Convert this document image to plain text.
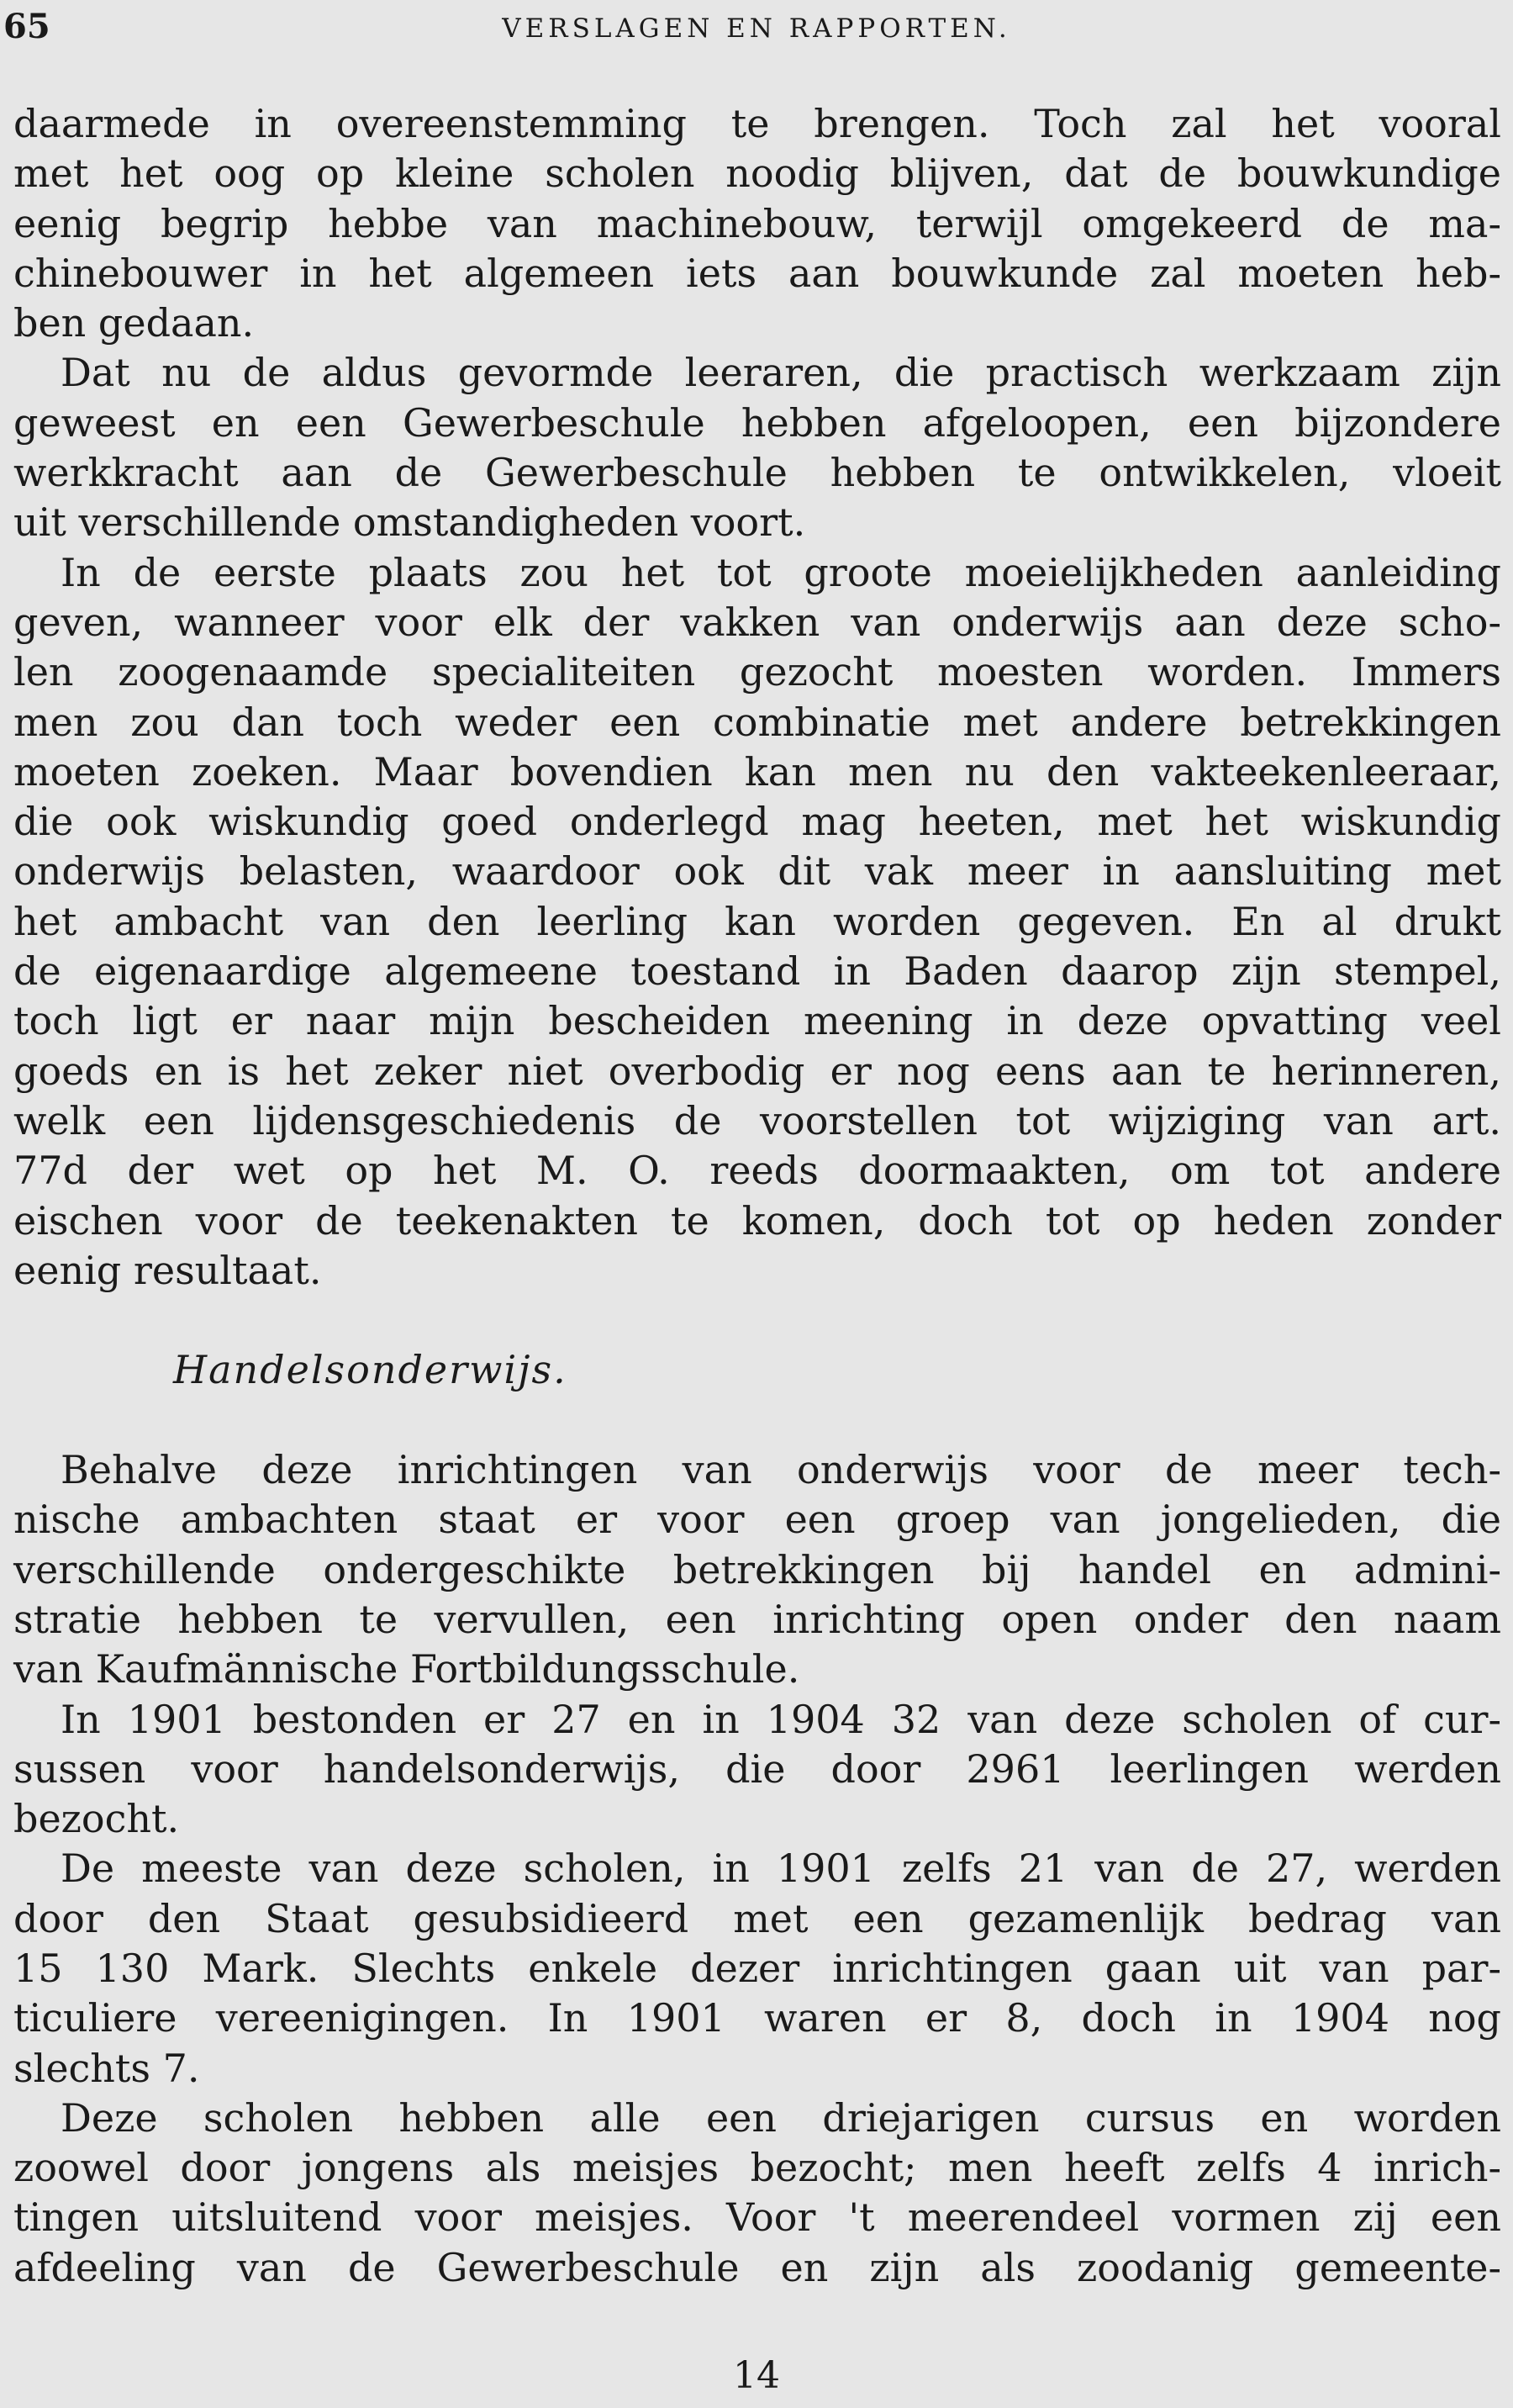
65	VERSLAGEN EN RAPPORTEN.
daarmede in overeenstemming te brengen. Toch zal het vooral
met het oog op kleine scholen noodig blijven, dat de bouwkundige
eenig begrip hebbe van machinebouw, terwijl omgekeerd de ma-
chinebouwer in het algemeen iets aan bouwkunde zal moeten heb-
ben gedaan.
Dat nu de aldus gevormde leeraren, die practisch werkzaam zijn
geweest en een Gewerbeschule hebben afgeloopen, een bijzondere
werkkracht aan de Gewerbeschule hebben te ontwikkelen, vloeit
uit verschillende omstandigheden voort.
In de eerste plaats zou het tot groote moeielijkheden aanleiding
geven, wanneer voor elk der vakken van onderwijs aan deze scho-
len zoogenaamde specialiteiten gezocht moesten worden. Immers
men zou dan toch weder een combinatie met andere betrekkingen
moeten zoeken. Maar bovendien kan men nu den vakteekenleeraar,
die ook wiskundig goed onderlegd mag heeten, met het wiskundig
onderwijs belasten, waardoor ook dit vak meer in aansluiting met
het ambacht van den leerling kan worden gegeven. En al drukt
de eigenaardige algemeene toestand in Baden daarop zijn stempel,
toch ligt er naar mijn bescheiden meening in deze opvatting veel
goeds en is het zeker niet overbodig er nog eens aan te herinneren,
welk een lijdensgeschiedenis de voorstellen tot wijziging van art.
77d der wet op het M. O. reeds doormaakten, om tot andere
eischen voor de teekenakten te komen, doch tot op heden zonder
eenig resultaat.
Handelsonderwijs.
Behalve deze inrichtingen van onderwijs voor de meer tech-
nische ambachten staat er voor een groep van jongelieden, die
verschillende ondergeschikte betrekkingen bij handel en admini-
stratie hebben te vervullen, een inrichting open onder den naam
van Kaufmännische Fortbildungsschule.
In 1901 bestonden er 27 en in 1904 32 van deze scholen of cur-
sussen voor handelsonderwijs, die door 2961 leerlingen werden
bezocht.
De meeste van deze scholen, in 1901 zelfs 21 van de 27, werden
door den Staat gesubsidieerd met een gezamenlijk bedrag van
15 130 Mark. Slechts enkele dezer inrichtingen gaan uit van par-
ticuliere vereenigingen. In 1901 waren er 8, doch in 1904 nog
slechts 7.
Deze scholen hebben alle een driejarigen cursus en worden
zoowel door jongens als meisjes bezocht; men heeft zelfs 4 inrich-
tingen uitsluitend voor meisjes. Voor 't meerendeel vormen zij een
afdeeling van de Gewerbeschule en zijn als zoodanig gemeente-
14
